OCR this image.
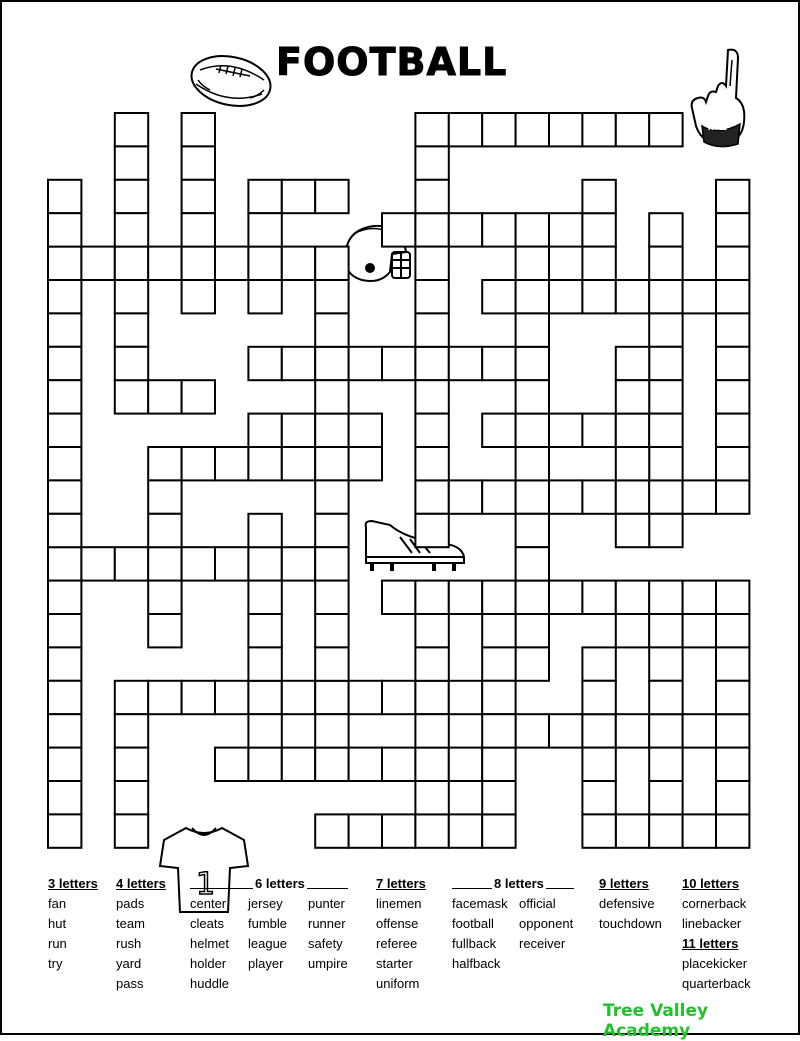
FOOTBALL
#1
1
3 letters
fan
hut
run
try
4 letters
pads
team
rush
yard
pass
6 letters
center
cleats
helmet
holder
huddle
jersey
fumble
league
player
punter
runner
safety
umpire
7 letters
linemen
offense
referee
starter
uniform
8 letters
facemask
football
fullback
halfback
official
opponent
receiver
9 letters
defensive
touchdown
10 letters
cornerback
linebacker
11 letters
placekicker
quarterback
Tree Valley Academy
